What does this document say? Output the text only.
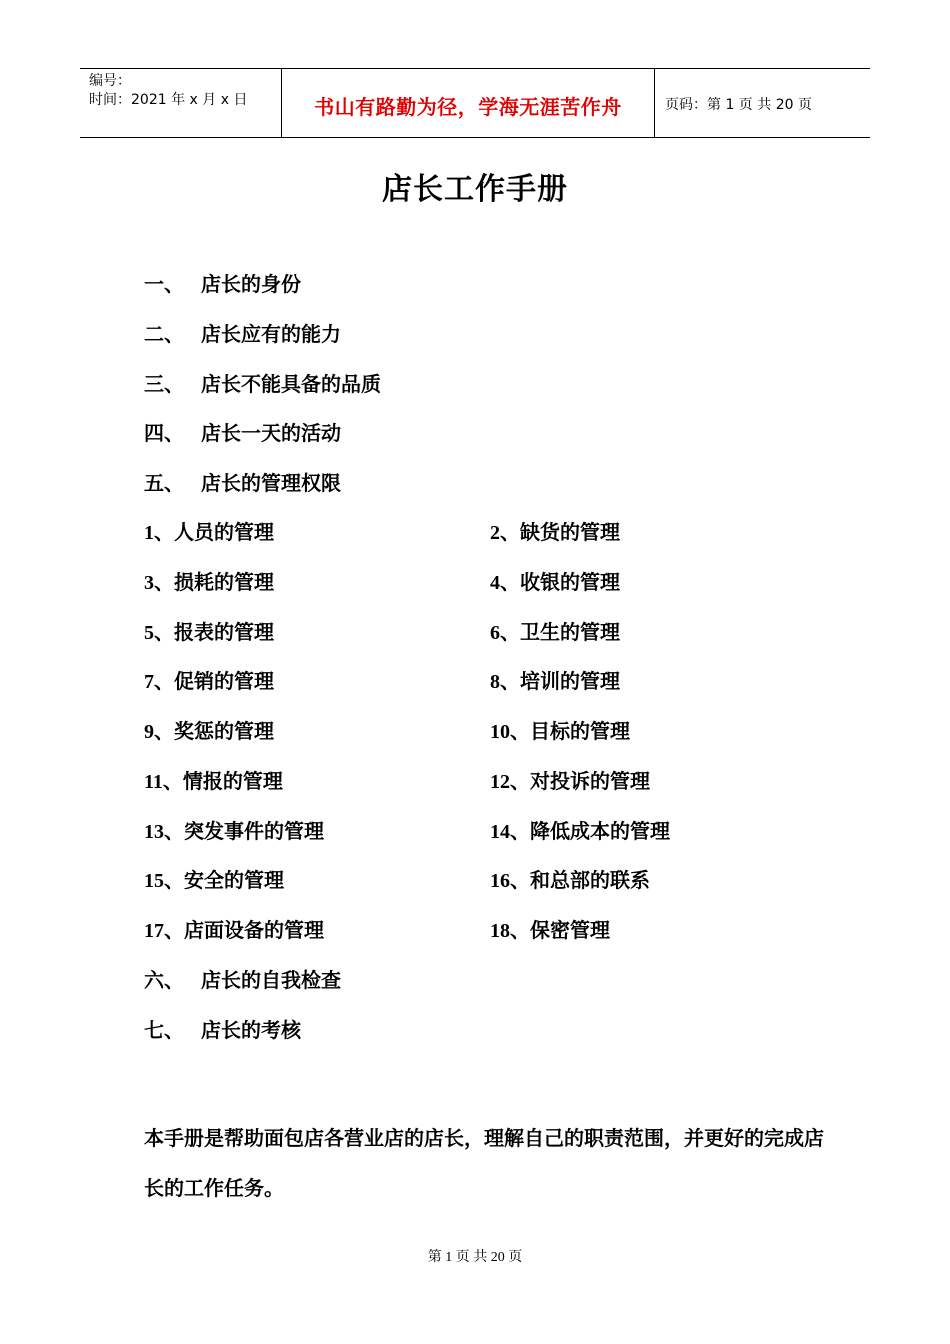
编号：
时间：2021 年 x 月 x 日	书山有路勤为径，学海无涯苦作舟	页码：第 1 页 共 20 页
店长工作手册
一、 店长的身份
二、 店长应有的能力
三、 店长不能具备的品质
四、 店长一天的活动
五、 店长的管理权限
1、人员的管理	2、缺货的管理
3、损耗的管理	4、收银的管理
5、报表的管理	6、卫生的管理
7、促销的管理	8、培训的管理
9、奖惩的管理	10、目标的管理
11、情报的管理	12、对投诉的管理
13、突发事件的管理	14、降低成本的管理
15、安全的管理	16、和总部的联系
17、店面设备的管理	18、保密管理
六、 店长的自我检查
七、 店长的考核
本手册是帮助面包店各营业店的店长，理解自己的职责范围，并更好的完成店长的工作任务。
第 1 页 共 20 页
